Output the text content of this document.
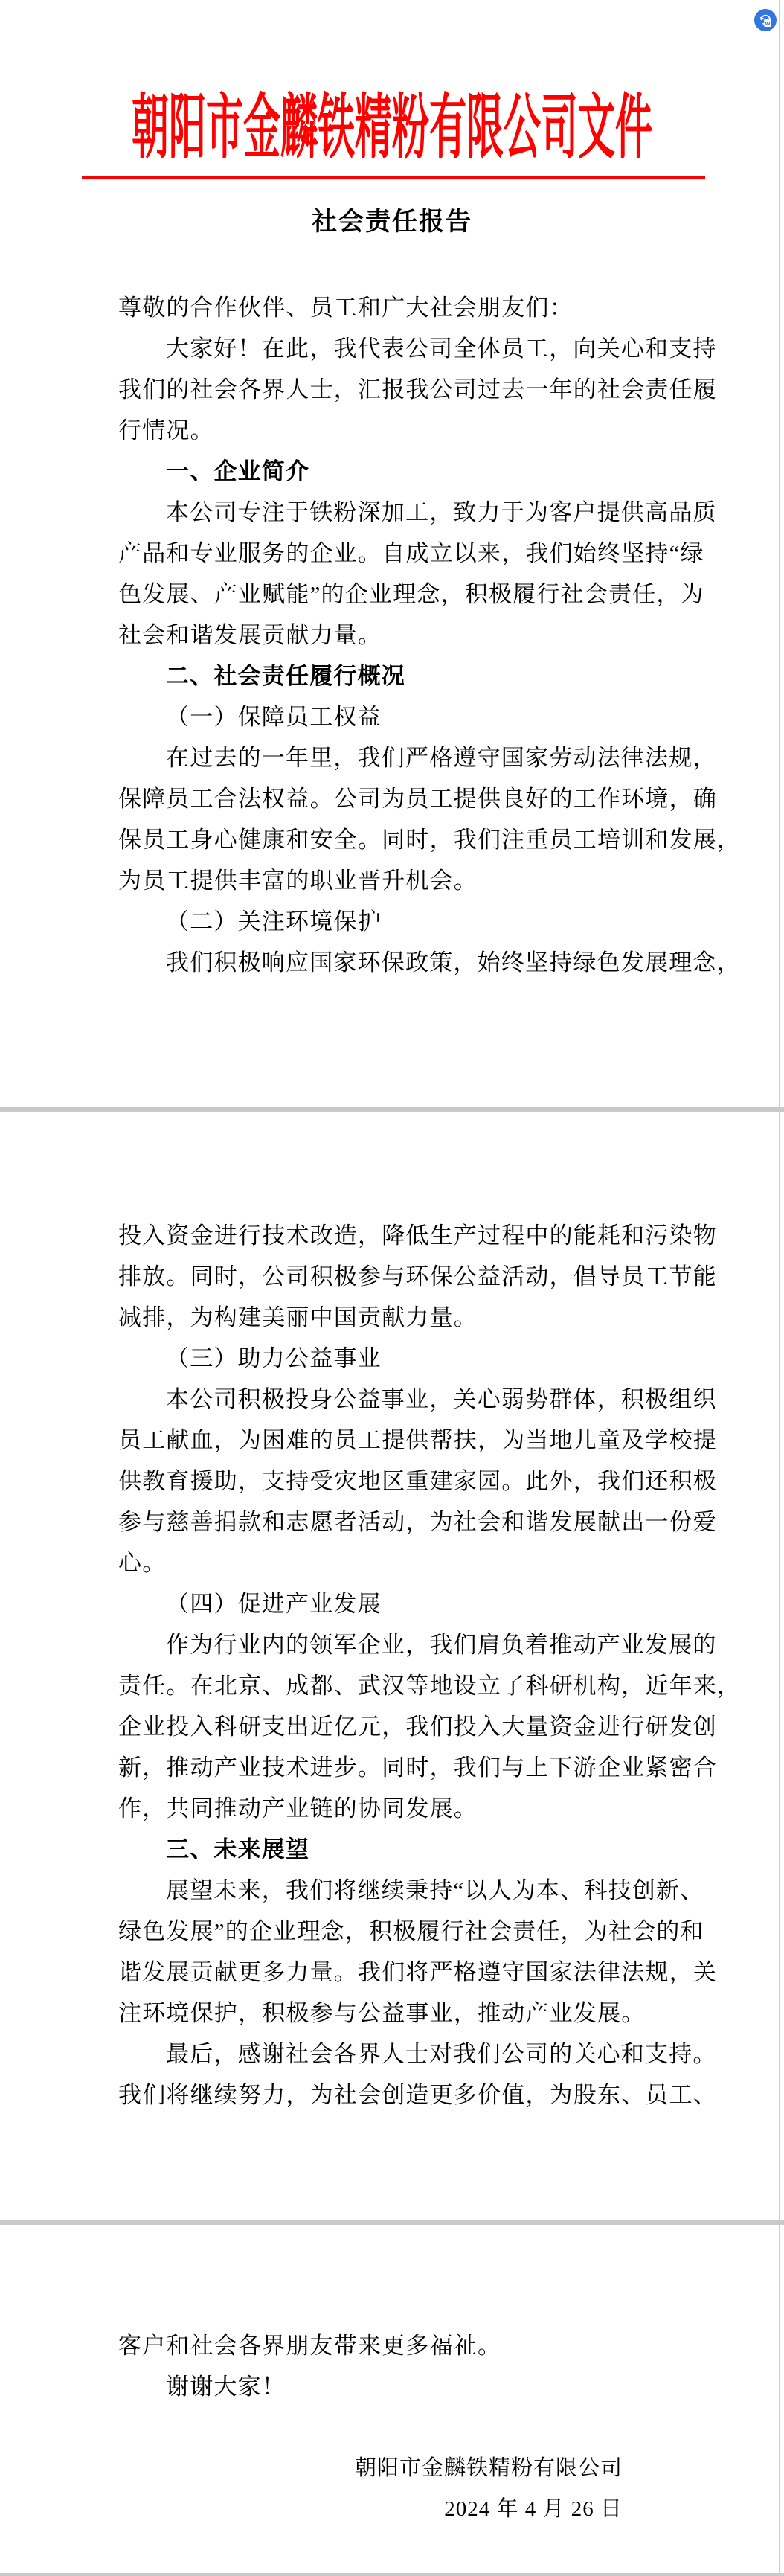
w
朝阳市金麟铁精粉有限公司文件
社会责任报告
尊敬的合作伙伴、员工和广大社会朋友们：
大家好！在此，我代表公司全体员工，向关心和支持
我们的社会各界人士，汇报我公司过去一年的社会责任履
行情况。
一、企业简介
本公司专注于铁粉深加工，致力于为客户提供高品质
产品和专业服务的企业。自成立以来，我们始终坚持“绿
色发展、产业赋能”的企业理念，积极履行社会责任，为
社会和谐发展贡献力量。
二、社会责任履行概况
（一）保障员工权益
在过去的一年里，我们严格遵守国家劳动法律法规，
保障员工合法权益。公司为员工提供良好的工作环境，确
保员工身心健康和安全。同时，我们注重员工培训和发展，
为员工提供丰富的职业晋升机会。
（二）关注环境保护
我们积极响应国家环保政策，始终坚持绿色发展理念，
投入资金进行技术改造，降低生产过程中的能耗和污染物
排放。同时，公司积极参与环保公益活动，倡导员工节能
减排，为构建美丽中国贡献力量。
（三）助力公益事业
本公司积极投身公益事业，关心弱势群体，积极组织
员工献血，为困难的员工提供帮扶，为当地儿童及学校提
供教育援助，支持受灾地区重建家园。此外，我们还积极
参与慈善捐款和志愿者活动，为社会和谐发展献出一份爱
心。
（四）促进产业发展
作为行业内的领军企业，我们肩负着推动产业发展的
责任。在北京、成都、武汉等地设立了科研机构，近年来，
企业投入科研支出近亿元，我们投入大量资金进行研发创
新，推动产业技术进步。同时，我们与上下游企业紧密合
作，共同推动产业链的协同发展。
三、未来展望
展望未来，我们将继续秉持“以人为本、科技创新、
绿色发展”的企业理念，积极履行社会责任，为社会的和
谐发展贡献更多力量。我们将严格遵守国家法律法规，关
注环境保护，积极参与公益事业，推动产业发展。
最后，感谢社会各界人士对我们公司的关心和支持。
我们将继续努力，为社会创造更多价值，为股东、员工、
客户和社会各界朋友带来更多福祉。
谢谢大家！
朝阳市金麟铁精粉有限公司
2024 年 4 月 26 日
